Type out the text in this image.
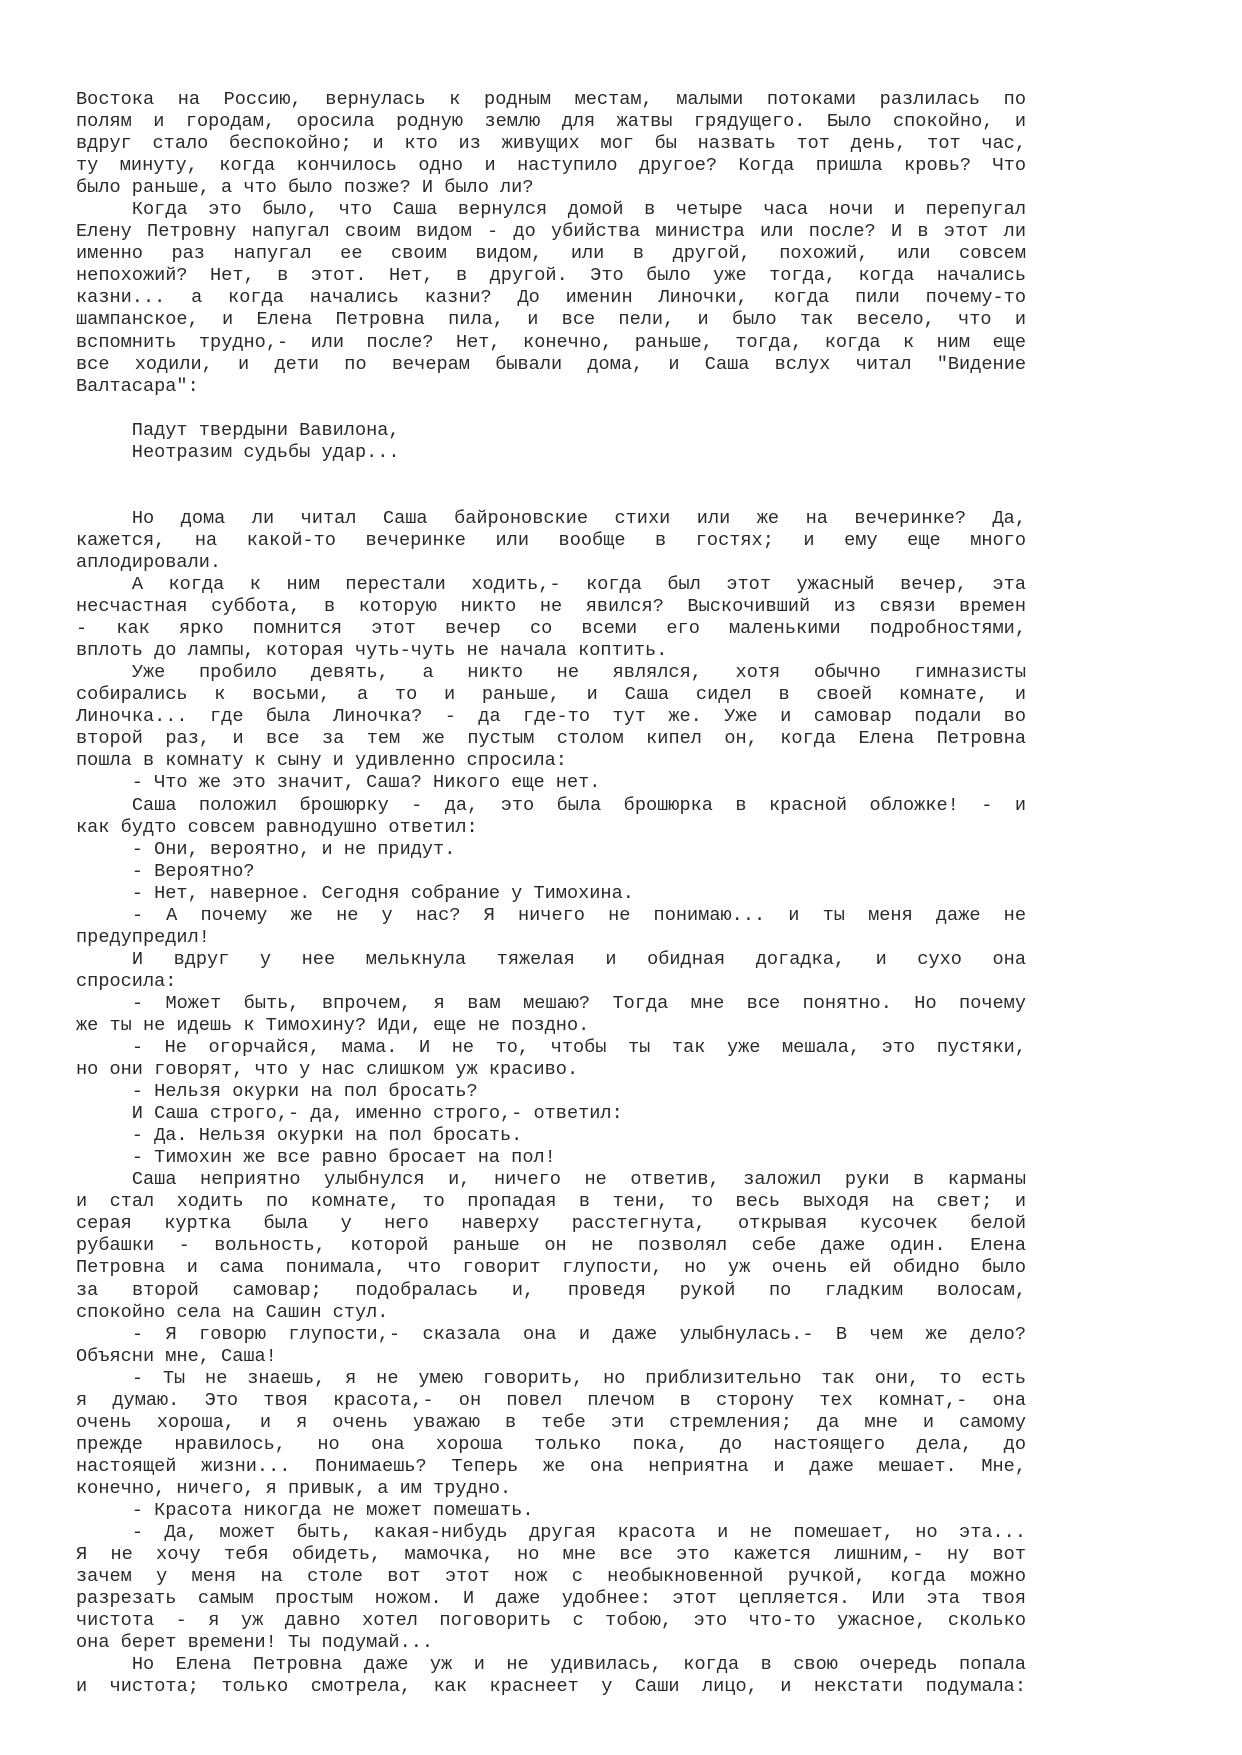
Востока на Россию, вернулась к родным местам, малыми потоками разлилась по
полям и городам, оросила родную землю для жатвы грядущего. Было спокойно, и
вдруг стало беспокойно; и кто из живущих мог бы назвать тот день, тот час,
ту минуту, когда кончилось одно и наступило другое? Когда пришла кровь? Что
было раньше, а что было позже? И было ли?
Когда это было, что Саша вернулся домой в четыре часа ночи и перепугал
Елену Петровну напугал своим видом - до убийства министра или после? И в этот ли
именно раз напугал ее своим видом, или в другой, похожий, или совсем
непохожий? Нет, в этот. Нет, в другой. Это было уже тогда, когда начались
казни... а когда начались казни? До именин Линочки, когда пили почему-то
шампанское, и Елена Петровна пила, и все пели, и было так весело, что и
вспомнить трудно,- или после? Нет, конечно, раньше, тогда, когда к ним еще
все ходили, и дети по вечерам бывали дома, и Саша вслух читал "Видение
Валтасара":
Падут твердыни Вавилона,
Неотразим судьбы удар...
Но дома ли читал Саша байроновские стихи или же на вечеринке? Да,
кажется, на какой-то вечеринке или вообще в гостях; и ему еще много
аплодировали.
А когда к ним перестали ходить,- когда был этот ужасный вечер, эта
несчастная суббота, в которую никто не явился? Выскочивший из связи времен
- как ярко помнится этот вечер со всеми его маленькими подробностями,
вплоть до лампы, которая чуть-чуть не начала коптить.
Уже пробило девять, а никто не являлся, хотя обычно гимназисты
собирались к восьми, а то и раньше, и Саша сидел в своей комнате, и
Линочка... где была Линочка? - да где-то тут же. Уже и самовар подали во
второй раз, и все за тем же пустым столом кипел он, когда Елена Петровна
пошла в комнату к сыну и удивленно спросила:
- Что же это значит, Саша? Никого еще нет.
Саша положил брошюрку - да, это была брошюрка в красной обложке! - и
как будто совсем равнодушно ответил:
- Они, вероятно, и не придут.
- Вероятно?
- Нет, наверное. Сегодня собрание у Тимохина.
- А почему же не у нас? Я ничего не понимаю... и ты меня даже не
предупредил!
И вдруг у нее мелькнула тяжелая и обидная догадка, и сухо она
спросила:
- Может быть, впрочем, я вам мешаю? Тогда мне все понятно. Но почему
же ты не идешь к Тимохину? Иди, еще не поздно.
- Не огорчайся, мама. И не то, чтобы ты так уже мешала, это пустяки,
но они говорят, что у нас слишком уж красиво.
- Нельзя окурки на пол бросать?
И Саша строго,- да, именно строго,- ответил:
- Да. Нельзя окурки на пол бросать.
- Тимохин же все равно бросает на пол!
Саша неприятно улыбнулся и, ничего не ответив, заложил руки в карманы
и стал ходить по комнате, то пропадая в тени, то весь выходя на свет; и
серая куртка была у него наверху расстегнута, открывая кусочек белой
рубашки - вольность, которой раньше он не позволял себе даже один. Елена
Петровна и сама понимала, что говорит глупости, но уж очень ей обидно было
за второй самовар; подобралась и, проведя рукой по гладким волосам,
спокойно села на Сашин стул.
- Я говорю глупости,- сказала она и даже улыбнулась.- В чем же дело?
Объясни мне, Саша!
- Ты не знаешь, я не умею говорить, но приблизительно так они, то есть
я думаю. Это твоя красота,- он повел плечом в сторону тех комнат,- она
очень хороша, и я очень уважаю в тебе эти стремления; да мне и самому
прежде нравилось, но она хороша только пока, до настоящего дела, до
настоящей жизни... Понимаешь? Теперь же она неприятна и даже мешает. Мне,
конечно, ничего, я привык, а им трудно.
- Красота никогда не может помешать.
- Да, может быть, какая-нибудь другая красота и не помешает, но эта...
Я не хочу тебя обидеть, мамочка, но мне все это кажется лишним,- ну вот
зачем у меня на столе вот этот нож с необыкновенной ручкой, когда можно
разрезать самым простым ножом. И даже удобнее: этот цепляется. Или эта твоя
чистота - я уж давно хотел поговорить с тобою, это что-то ужасное, сколько
она берет времени! Ты подумай...
Но Елена Петровна даже уж и не удивилась, когда в свою очередь попала
и чистота; только смотрела, как краснеет у Саши лицо, и некстати подумала:
